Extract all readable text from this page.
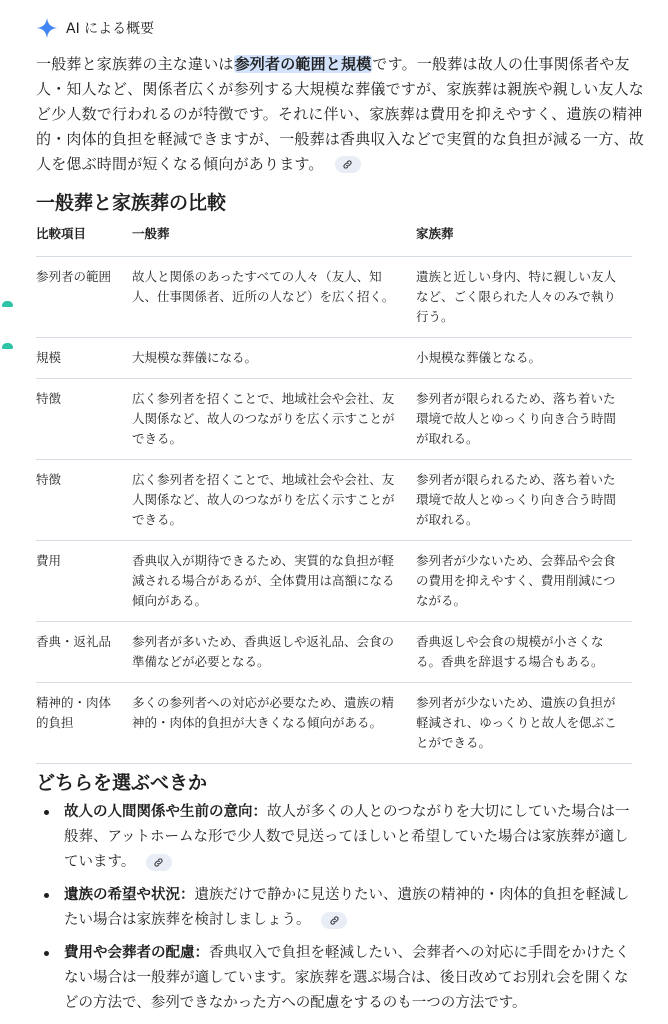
AI による概要
一般葬と家族葬の主な違いは参列者の範囲と規模です。一般葬は故人の仕事関係者や友人・知人など、関係者広くが参列する大規模な葬儀ですが、家族葬は親族や親しい友人など少人数で行われるのが特徴です。それに伴い、家族葬は費用を抑えやすく、遺族の精神的・肉体的負担を軽減できますが、一般葬は香典収入などで実質的な負担が減る一方、故人を偲ぶ時間が短くなる傾向があります。
一般葬と家族葬の比較
比較項目	一般葬	家族葬
参列者の範囲	故人と関係のあったすべての人々（友人、知人、仕事関係者、近所の人など）を広く招く。	遺族と近しい身内、特に親しい友人など、ごく限られた人々のみで執り行う。
規模	大規模な葬儀になる。	小規模な葬儀となる。
特徴	広く参列者を招くことで、地域社会や会社、友人関係など、故人のつながりを広く示すことができる。	参列者が限られるため、落ち着いた環境で故人とゆっくり向き合う時間が取れる。
特徴	広く参列者を招くことで、地域社会や会社、友人関係など、故人のつながりを広く示すことができる。	参列者が限られるため、落ち着いた環境で故人とゆっくり向き合う時間が取れる。
費用	香典収入が期待できるため、実質的な負担が軽減される場合があるが、全体費用は高額になる傾向がある。	参列者が少ないため、会葬品や会食の費用を抑えやすく、費用削減につながる。
香典・返礼品	参列者が多いため、香典返しや返礼品、会食の準備などが必要となる。	香典返しや会食の規模が小さくなる。香典を辞退する場合もある。
精神的・肉体的負担	多くの参列者への対応が必要なため、遺族の精神的・肉体的負担が大きくなる傾向がある。	参列者が少ないため、遺族の負担が軽減され、ゆっくりと故人を偲ぶことができる。
どちらを選ぶべきか
故人の人間関係や生前の意向：故人が多くの人とのつながりを大切にしていた場合は一般葬、アットホームな形で少人数で見送ってほしいと希望していた場合は家族葬が適しています。
遺族の希望や状況：遺族だけで静かに見送りたい、遺族の精神的・肉体的負担を軽減したい場合は家族葬を検討しましょう。
費用や会葬者の配慮：香典収入で負担を軽減したい、会葬者への対応に手間をかけたくない場合は一般葬が適しています。家族葬を選ぶ場合は、後日改めてお別れ会を開くなどの方法で、参列できなかった方への配慮をするのも一つの方法です。
